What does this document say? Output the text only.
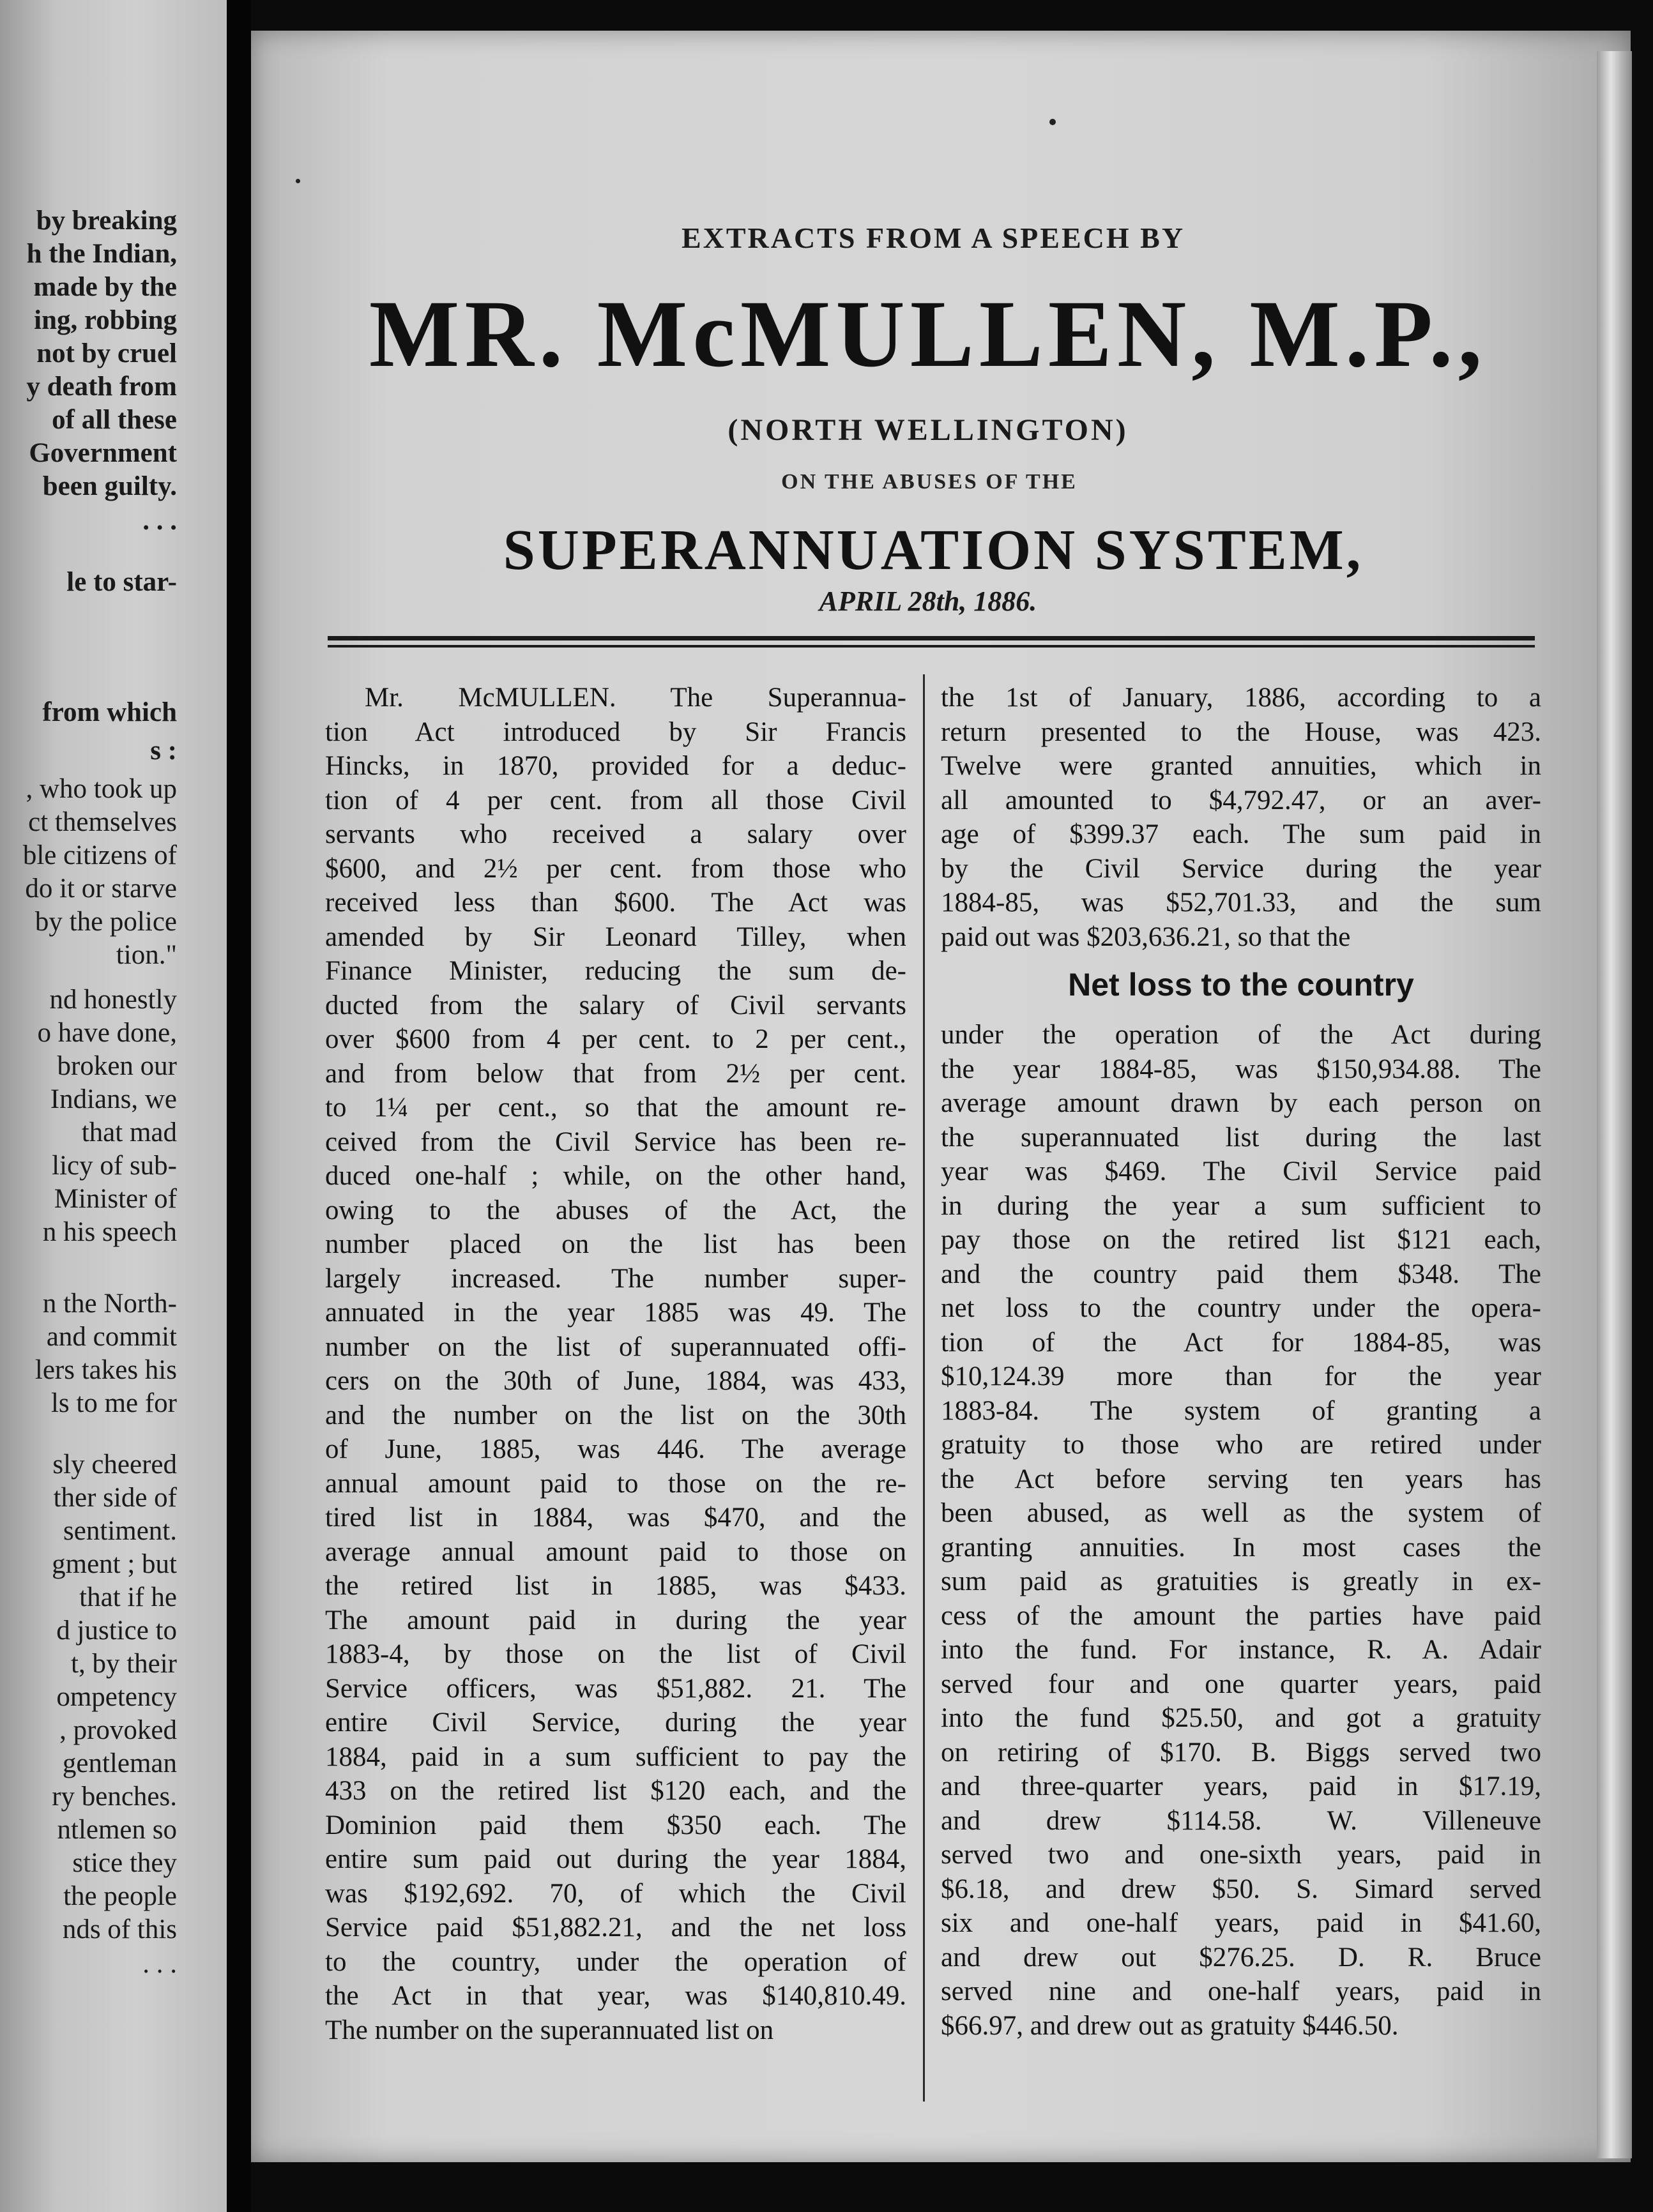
by breaking
h the Indian,
made by the
ing, robbing
not by cruel
y death from
of all these
Government
been guilty.
. . .
le to star-
from which
s :
, who took up
ct themselves
ble citizens of
do it or starve
by the police
tion."
nd honestly
o have done,
broken our
Indians, we
that mad
licy of sub-
Minister of
n his speech
n the North-
and commit
lers takes his
ls to me for
sly cheered
ther side of
sentiment.
gment ; but
that if he
d justice to
t, by their
ompetency
, provoked
gentleman
ry benches.
ntlemen so
stice they
the people
nds of this
. . .
EXTRACTS FROM A SPEECH BY
MR. McMULLEN, M.P.,
(NORTH WELLINGTON)
ON THE ABUSES OF THE
SUPERANNUATION SYSTEM,
APRIL 28th, 1886.
Mr. McMULLEN. The Superannua-
tion Act introduced by Sir Francis
Hincks, in 1870, provided for a deduc-
tion of 4 per cent. from all those Civil
servants who received a salary over
$600, and 2½ per cent. from those who
received less than $600. The Act was
amended by Sir Leonard Tilley, when
Finance Minister, reducing the sum de-
ducted from the salary of Civil servants
over $600 from 4 per cent. to 2 per cent.,
and from below that from 2½ per cent.
to 1¼ per cent., so that the amount re-
ceived from the Civil Service has been re-
duced one-half ; while, on the other hand,
owing to the abuses of the Act, the
number placed on the list has been
largely increased. The number super-
annuated in the year 1885 was 49. The
number on the list of superannuated offi-
cers on the 30th of June, 1884, was 433,
and the number on the list on the 30th
of June, 1885, was 446. The average
annual amount paid to those on the re-
tired list in 1884, was $470, and the
average annual amount paid to those on
the retired list in 1885, was $433.
The amount paid in during the year
1883-4, by those on the list of Civil
Service officers, was $51,882. 21. The
entire Civil Service, during the year
1884, paid in a sum sufficient to pay the
433 on the retired list $120 each, and the
Dominion paid them $350 each. The
entire sum paid out during the year 1884,
was $192,692. 70, of which the Civil
Service paid $51,882.21, and the net loss
to the country, under the operation of
the Act in that year, was $140,810.49.
The number on the superannuated list on
the 1st of January, 1886, according to a
return presented to the House, was 423.
Twelve were granted annuities, which in
all amounted to $4,792.47, or an aver-
age of $399.37 each. The sum paid in
by the Civil Service during the year
1884-85, was $52,701.33, and the sum
paid out was $203,636.21, so that the
Net loss to the country
under the operation of the Act during
the year 1884-85, was $150,934.88. The
average amount drawn by each person on
the superannuated list during the last
year was $469. The Civil Service paid
in during the year a sum sufficient to
pay those on the retired list $121 each,
and the country paid them $348. The
net loss to the country under the opera-
tion of the Act for 1884-85, was
$10,124.39 more than for the year
1883-84. The system of granting a
gratuity to those who are retired under
the Act before serving ten years has
been abused, as well as the system of
granting annuities. In most cases the
sum paid as gratuities is greatly in ex-
cess of the amount the parties have paid
into the fund. For instance, R. A. Adair
served four and one quarter years, paid
into the fund $25.50, and got a gratuity
on retiring of $170. B. Biggs served two
and three-quarter years, paid in $17.19,
and drew $114.58. W. Villeneuve
served two and one-sixth years, paid in
$6.18, and drew $50. S. Simard served
six and one-half years, paid in $41.60,
and drew out $276.25. D. R. Bruce
served nine and one-half years, paid in
$66.97, and drew out as gratuity $446.50.
